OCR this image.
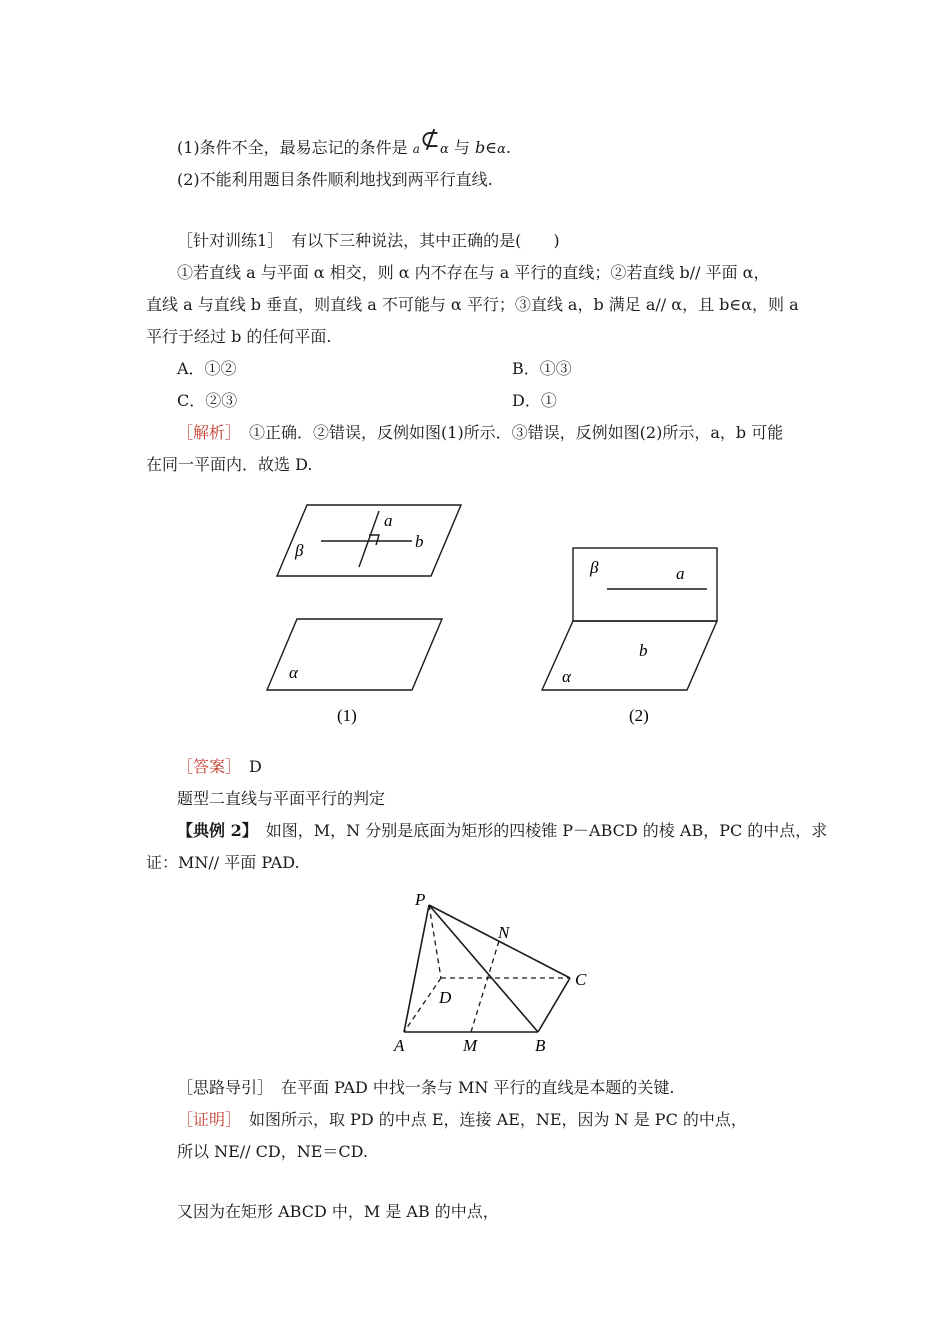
(1)条件不全，最易忘记的条件是 a⊄α 与 b∈α.
(2)不能利用题目条件顺利地找到两平行直线.
［针对训练1］　有以下三种说法，其中正确的是(　　)
①若直线 a 与平面 α 相交，则 α 内不存在与 a 平行的直线；②若直线 b// 平面 α，
直线 a 与直线 b 垂直，则直线 a 不可能与 α 平行；③直线 a，b 满足 a// α，且 b∈α，则 a
平行于经过 b 的任何平面.
A．①②	B．①③
C．②③	D．①
［解析］　①正确．②错误，反例如图(1)所示．③错误，反例如图(2)所示，a，b 可能
在同一平面内．故选 D.
a
b
β
α
(1)
β	a
b
α
(2)
［答案］　D
题型二直线与平面平行的判定
【典例 2】　如图，M，N 分别是底面为矩形的四棱锥 P－ABCD 的棱 AB，PC 的中点，求
证：MN// 平面 PAD.
P
N
C
D
A	M	B
［思路导引］　在平面 PAD 中找一条与 MN 平行的直线是本题的关键.
［证明］　如图所示，取 PD 的中点 E，连接 AE，NE，因为 N 是 PC 的中点，
所以 NE// CD，NE＝CD.
又因为在矩形 ABCD 中，M 是 AB 的中点，
